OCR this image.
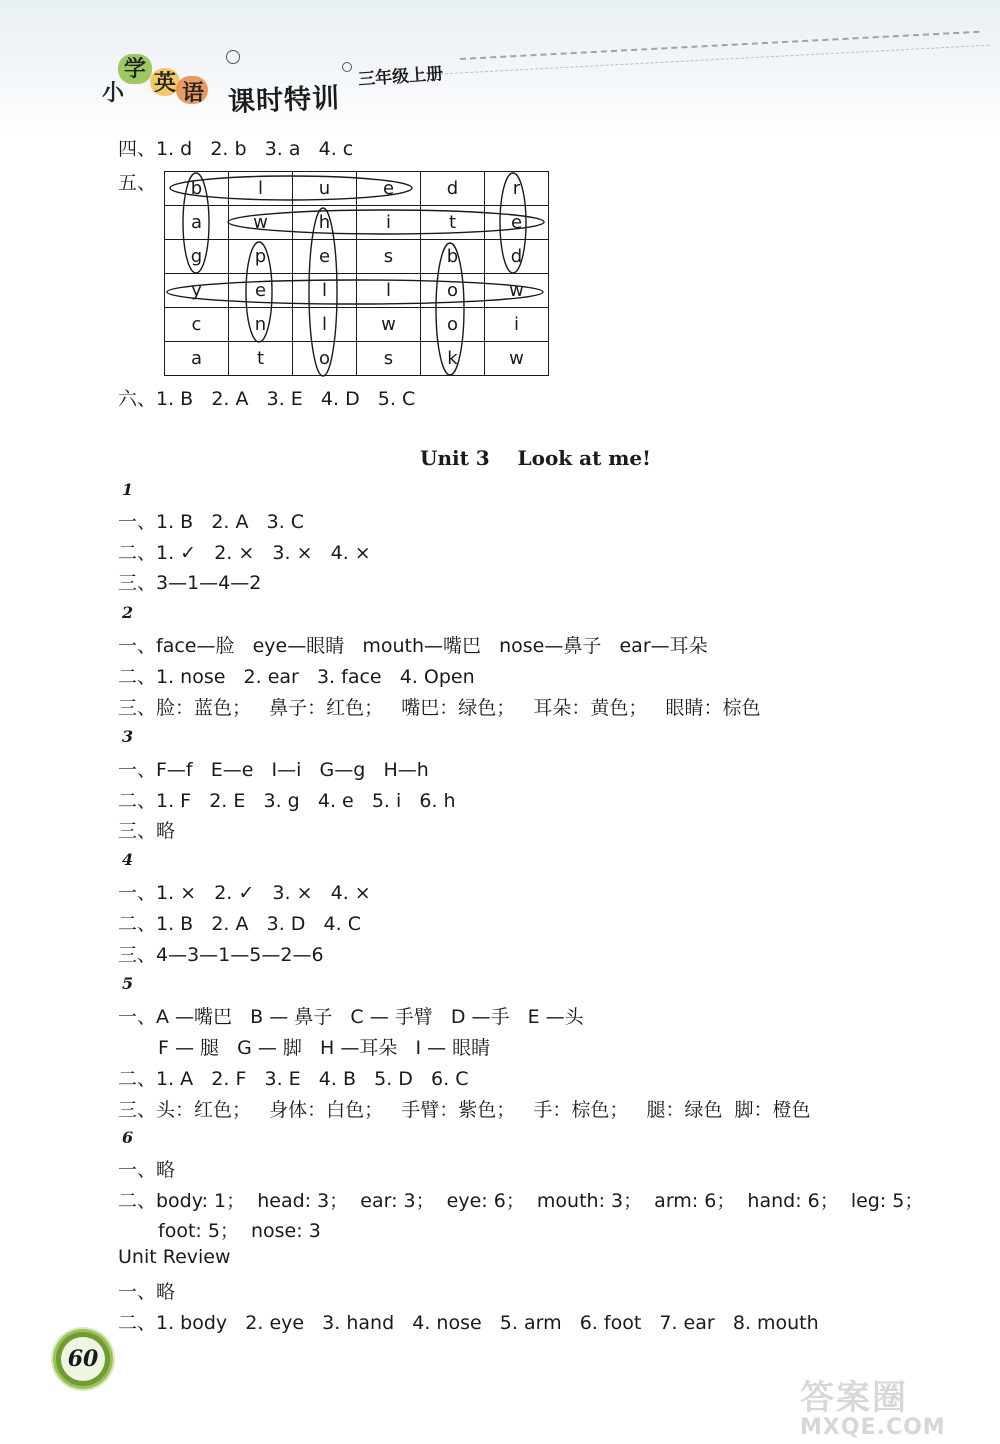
小
学
英 语 课时特训
三年级上册
四、1. d   2. b   3. a   4. c
五、 b	l	u	e	d	r
a	w	h	i	t	e
g	p	e	s	b	d
y	e	l	l	o	w
c	n	l	w	o	i
a	t	o	s	k	w
六、1. B   2. A   3. E   4. D   5. C
Unit 3    Look at me!
1
一、1. B   2. A   3. C
二、1. ✓   2. ×   3. ×   4. ×
三、3—1—4—2
2
一、face—脸   eye—眼睛   mouth—嘴巴   nose—鼻子   ear—耳朵
二、1. nose   2. ear   3. face   4. Open
三、脸：蓝色；   鼻子：红色；   嘴巴：绿色；   耳朵：黄色；   眼睛：棕色
3
一、F—f   E—e   I—i   G—g   H—h
二、1. F   2. E   3. g   4. e   5. i   6. h
三、略
4
一、1. ×   2. ✓   3. ×   4. ×
二、1. B   2. A   3. D   4. C
三、4—3—1—5—2—6
5
一、A —嘴巴   B — 鼻子   C — 手臂   D —手   E —头
F — 腿   G — 脚   H —耳朵   I — 眼睛
二、1. A   2. F   3. E   4. B   5. D   6. C
三、头：红色；   身体：白色；   手臂：紫色；   手：棕色；   腿：绿色  脚：橙色
6
一、略
二、body: 1；  head: 3；  ear: 3；  eye: 6；  mouth: 3；  arm: 6；  hand: 6；  leg: 5；
foot: 5；  nose: 3
Unit Review
一、略
二、1. body   2. eye   3. hand   4. nose   5. arm   6. foot   7. ear   8. mouth
60
答案圈
MXQE.COM
